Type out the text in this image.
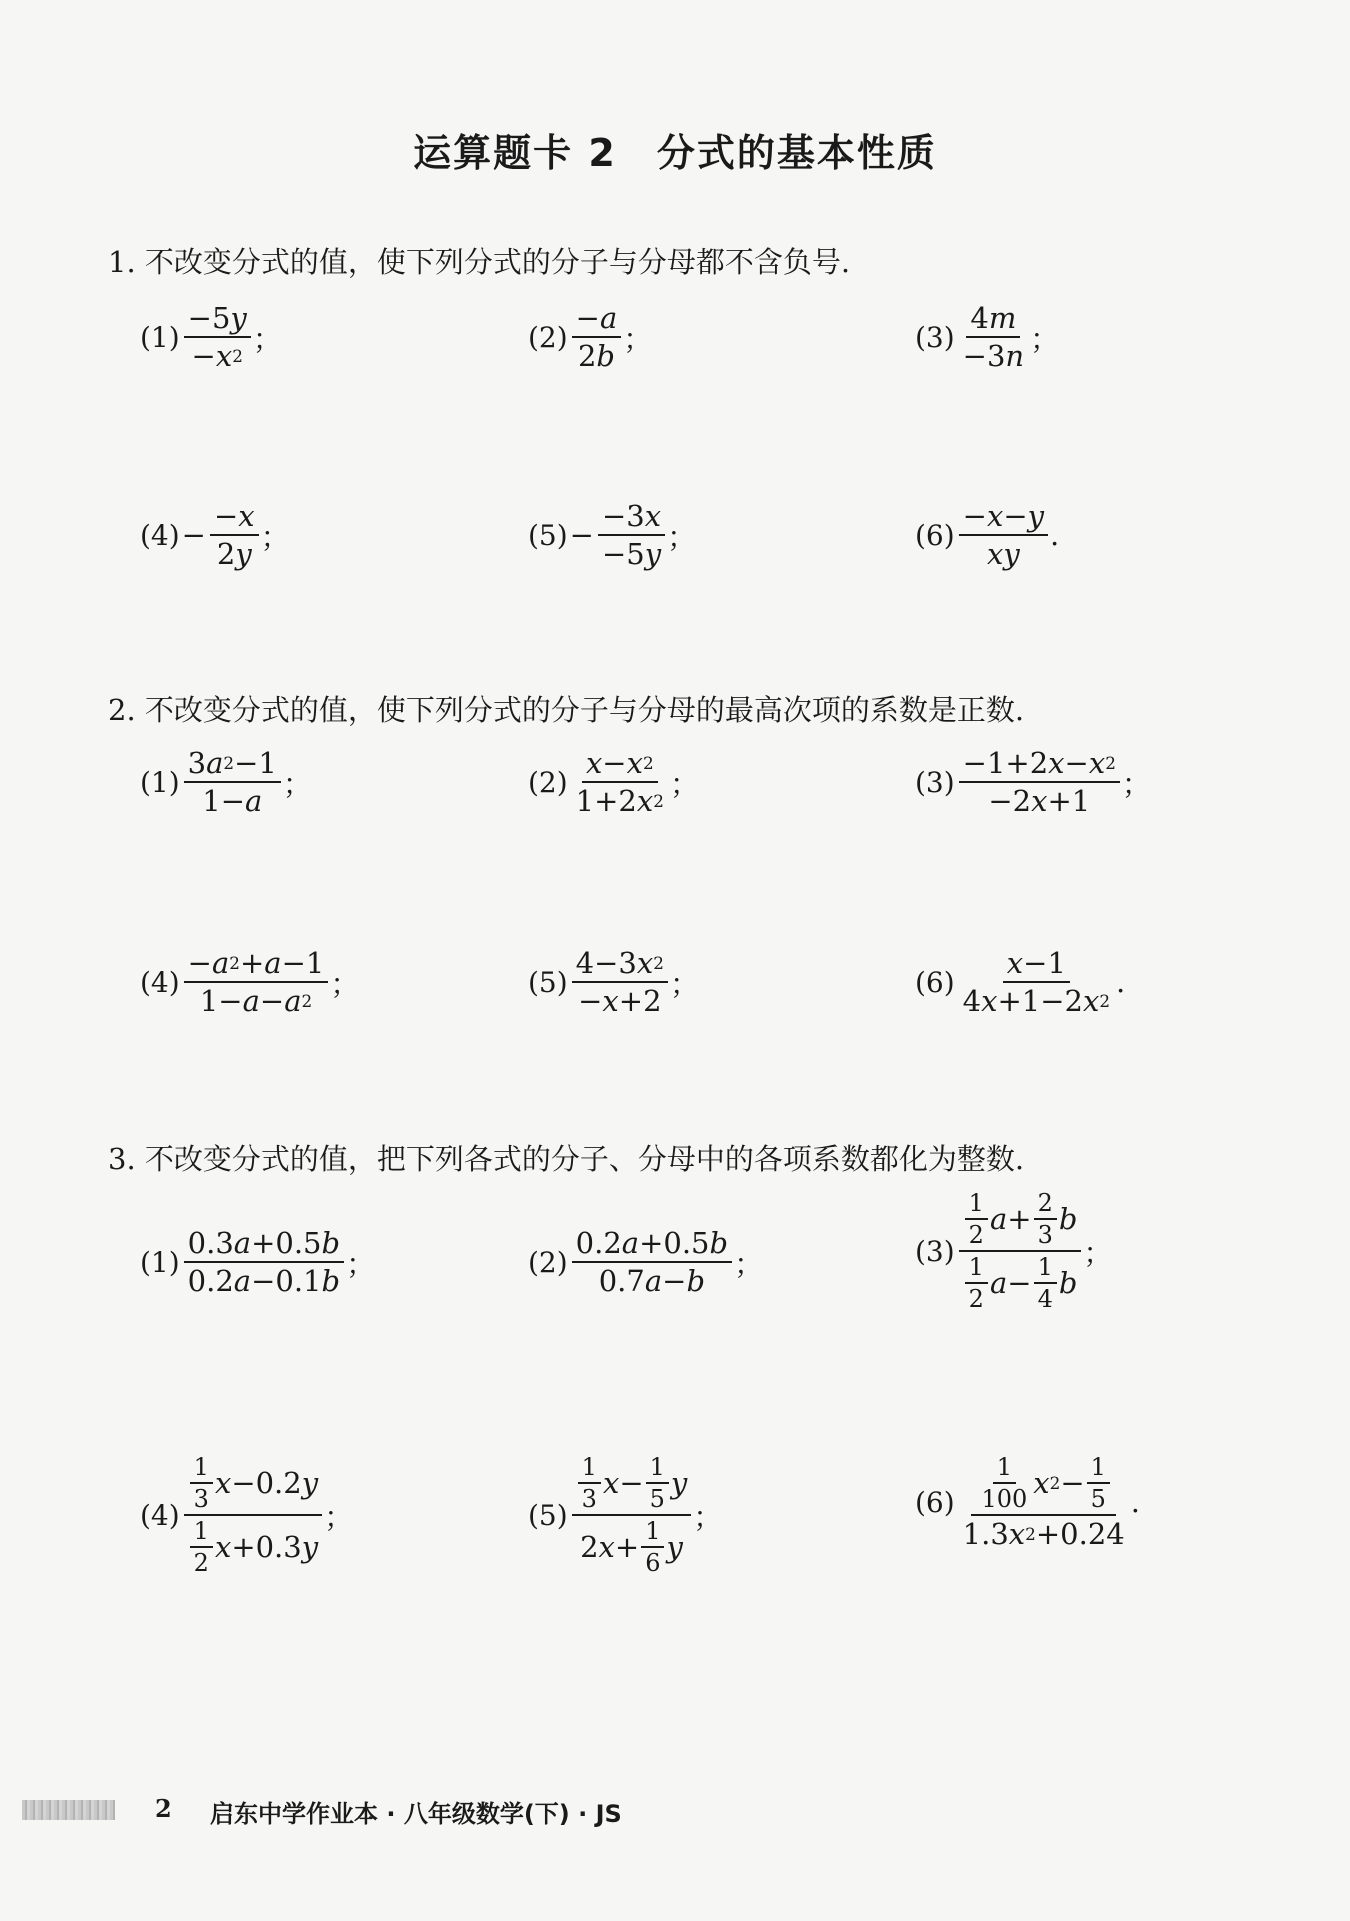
运算题卡 2　分式的基本性质
1. 不改变分式的值，使下列分式的分子与分母都不含负号.
$(1) \frac{-5 y}{- x 2}$ ；	$(2) \frac{- a}{2 b}$ ；	$(3) \frac{4 m}{-3 n}$ ；
$(4) - \frac{- x}{2 y}$ ；	$(5) - \frac{-3 x}{-5 y}$ ；	$(6) \frac{- x - y}{xy}$ .
2. 不改变分式的值，使下列分式的分子与分母的最高次项的系数是正数.
$(1) \frac{3 a 2 -1}{1- a}$ ；	$(2) \frac{x - x 2}{1+2 x 2}$ ；	$(3) \frac{-1+2 x - x 2}{-2 x +1}$ ；
$(4) \frac{- a 2 + a -1}{1- a - a 2}$ ；	$(5) \frac{4-3 x 2}{- x +2}$ ；	$(6) \frac{x -1}{4 x +1-2 x 2}$ .
3. 不改变分式的值，把下列各式的分子、分母中的各项系数都化为整数.
$(1) \frac{0.3 a +0.5 b}{0.2 a -0.1 b}$ ；	$(2) \frac{0.2 a +0.5 b}{0.7 a - b}$ ；	$(3) \frac{\frac{1}{2} a + \frac{2}{3} b}{\frac{1}{2} a - \frac{1}{4} b}$ ；
$(4) \frac{\frac{1}{3} x -0.2 y}{\frac{1}{2} x +0.3 y}$ ；	$(5) \frac{\frac{1}{3} x - \frac{1}{5} y}{2 x + \frac{1}{6} y}$ ；	$(6) \frac{\frac{1}{100} x 2 - \frac{1}{5}}{1.3 x 2 +0.24}$ .
2 启东中学作业本 · 八年级数学(下) · JS
